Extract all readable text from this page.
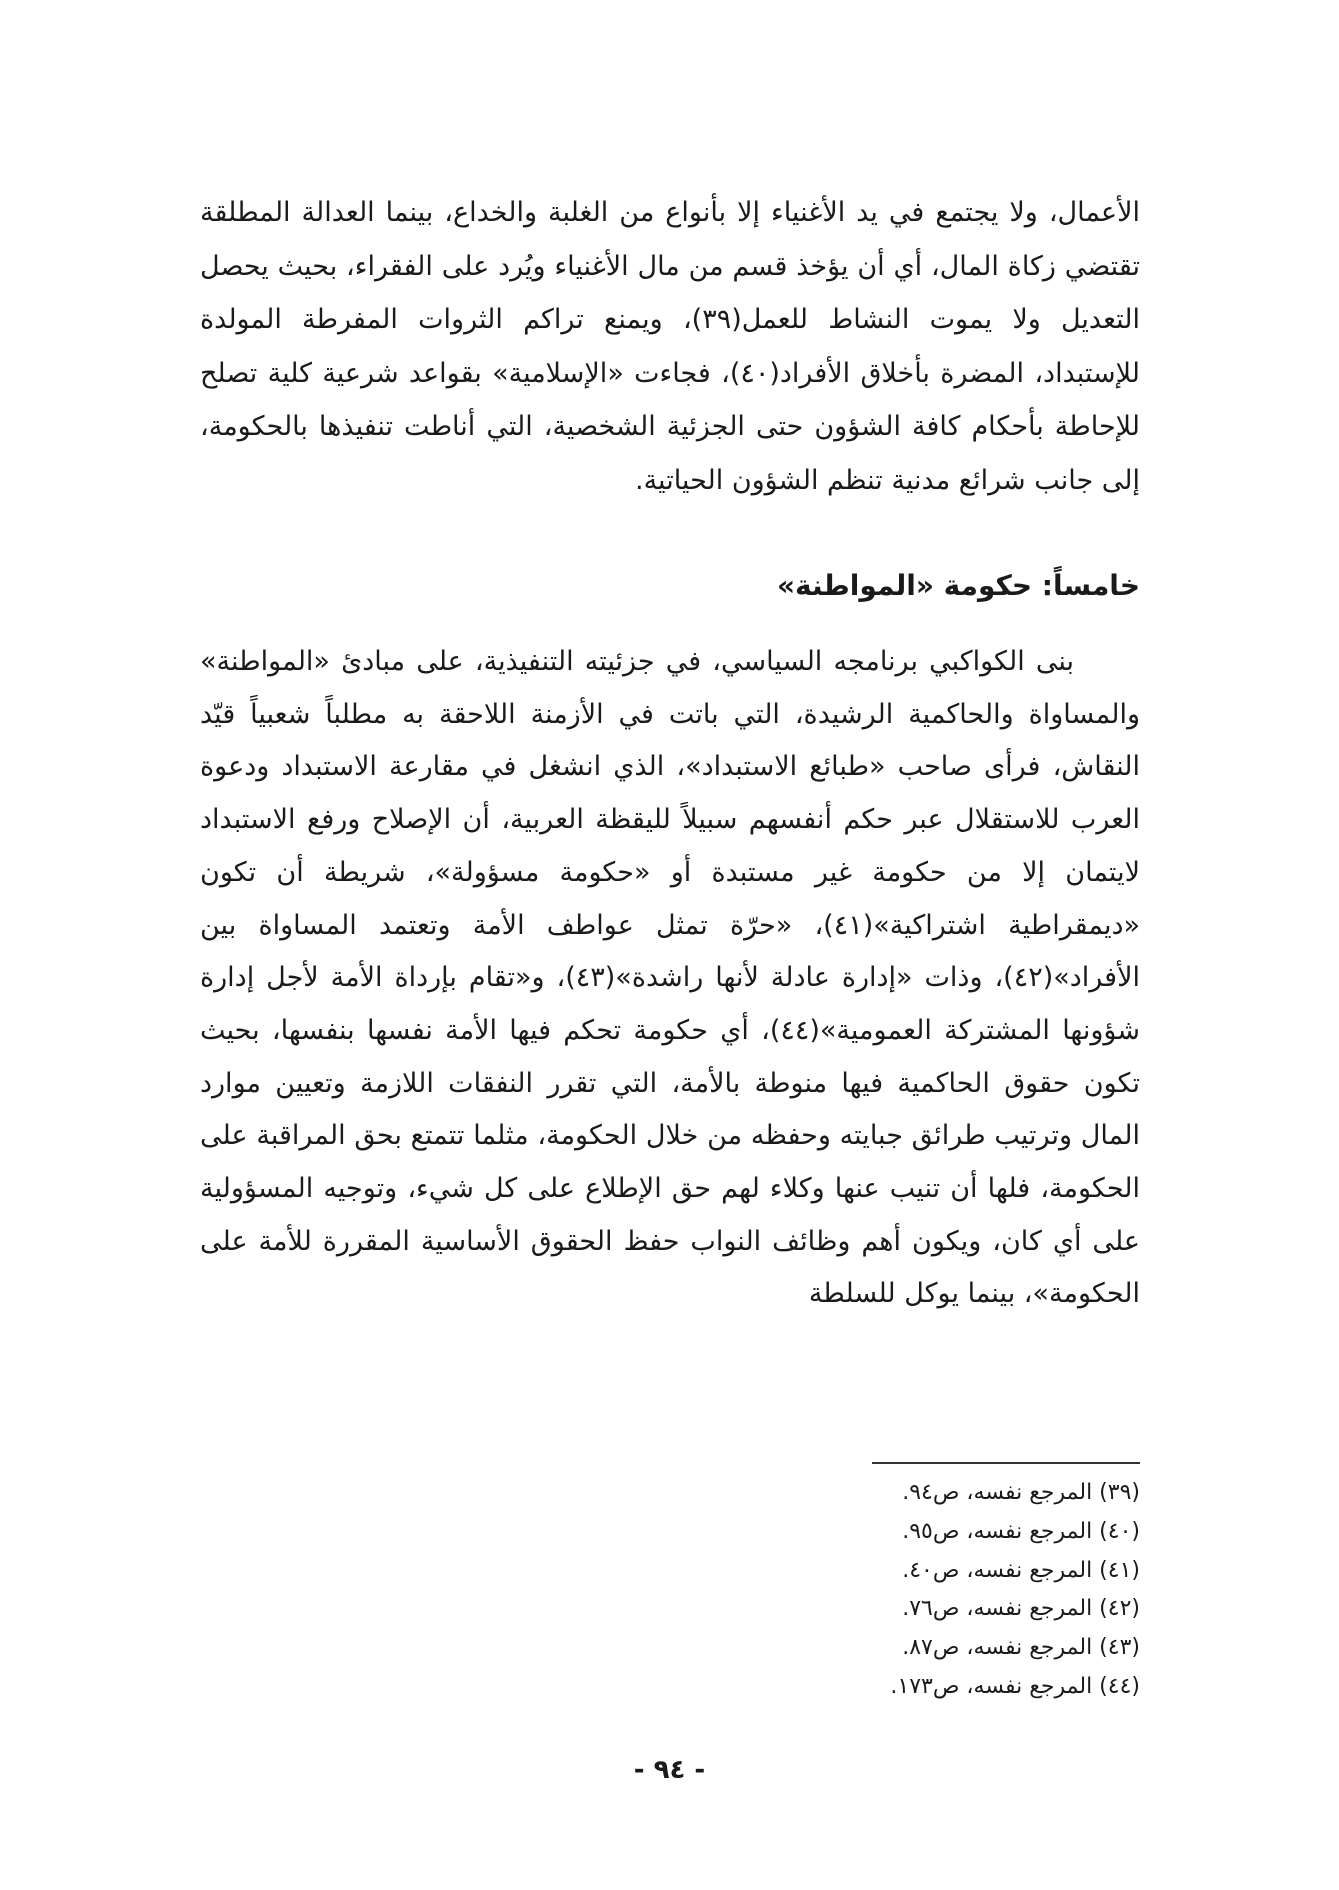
الأعمال، ولا يجتمع في يد الأغنياء إلا بأنواع من الغلبة والخداع، بينما العدالة المطلقة تقتضي زكاة المال، أي أن يؤخذ قسم من مال الأغنياء ويُرد على الفقراء، بحيث يحصل التعديل ولا يموت النشاط للعمل(٣٩)، ويمنع تراكم الثروات المفرطة المولدة للإستبداد، المضرة بأخلاق الأفراد(٤٠)، فجاءت «الإسلامية» بقواعد شرعية كلية تصلح للإحاطة بأحكام كافة الشؤون حتى الجزئية الشخصية، التي أناطت تنفيذها بالحكومة، إلى جانب شرائع مدنية تنظم الشؤون الحياتية.
خامساً: حكومة «المواطنة»
بنى الكواكبي برنامجه السياسي، في جزئيته التنفيذية، على مبادئ «المواطنة» والمساواة والحاكمية الرشيدة، التي باتت في الأزمنة اللاحقة به مطلباً شعبياً قيّد النقاش، فرأى صاحب «طبائع الاستبداد»، الذي انشغل في مقارعة الاستبداد ودعوة العرب للاستقلال عبر حكم أنفسهم سبيلاً لليقظة العربية، أن الإصلاح ورفع الاستبداد لايتمان إلا من حكومة غير مستبدة أو «حكومة مسؤولة»، شريطة أن تكون «ديمقراطية اشتراكية»(٤١)، «حرّة تمثل عواطف الأمة وتعتمد المساواة بين الأفراد»(٤٢)، وذات «إدارة عادلة لأنها راشدة»(٤٣)، و«تقام بإرداة الأمة لأجل إدارة شؤونها المشتركة العمومية»(٤٤)، أي حكومة تحكم فيها الأمة نفسها بنفسها، بحيث تكون حقوق الحاكمية فيها منوطة بالأمة، التي تقرر النفقات اللازمة وتعيين موارد المال وترتيب طرائق جبايته وحفظه من خلال الحكومة، مثلما تتمتع بحق المراقبة على الحكومة، فلها أن تنيب عنها وكلاء لهم حق الإطلاع على كل شيء، وتوجيه المسؤولية على أي كان، ويكون أهم وظائف النواب حفظ الحقوق الأساسية المقررة للأمة على الحكومة»، بينما يوكل للسلطة
(٣٩) المرجع نفسه، ص٩٤.
(٤٠) المرجع نفسه، ص٩٥.
(٤١) المرجع نفسه، ص٤٠.
(٤٢) المرجع نفسه، ص٧٦.
(٤٣) المرجع نفسه، ص٨٧.
(٤٤) المرجع نفسه، ص١٧٣.
- ٩٤ -
